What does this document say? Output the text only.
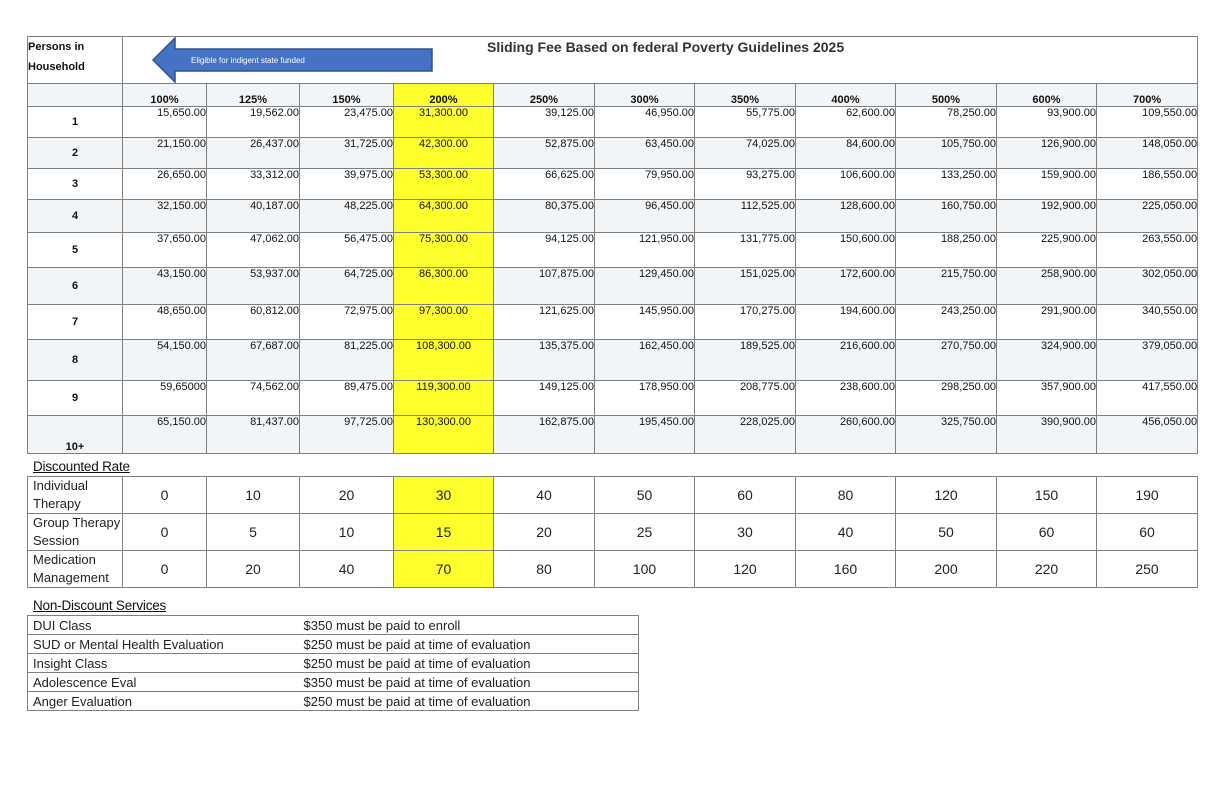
Persons in Household	Eligible for indigent state funded
Sliding Fee Based on federal Poverty Guidelines 2025										

	100%	125%	150%	200%	250%	300%	350%	400%	500%	600%	700%
1	15,650.00	19,562.00	23,475.00	31,300.00	39,125.00	46,950.00	55,775.00	62,600.00	78,250.00	93,900.00	109,550.00
2	21,150.00	26,437.00	31,725.00	42,300.00	52,875.00	63,450.00	74,025.00	84,600.00	105,750.00	126,900.00	148,050.00
3	26,650.00	33,312.00	39,975.00	53,300.00	66,625.00	79,950.00	93,275.00	106,600.00	133,250.00	159,900.00	186,550.00
4	32,150.00	40,187.00	48,225.00	64,300.00	80,375.00	96,450.00	112,525.00	128,600.00	160,750.00	192,900.00	225,050.00
5	37,650.00	47,062.00	56,475.00	75,300.00	94,125.00	121,950.00	131,775.00	150,600.00	188,250.00	225,900.00	263,550.00
6	43,150.00	53,937.00	64,725.00	86,300.00	107,875.00	129,450.00	151,025.00	172,600.00	215,750.00	258,900.00	302,050.00
7	48,650.00	60,812.00	72,975.00	97,300.00	121,625.00	145,950.00	170,275.00	194,600.00	243,250.00	291,900.00	340,550.00
8	54,150.00	67,687.00	81,225.00	108,300.00	135,375.00	162,450.00	189,525.00	216,600.00	270,750.00	324,900.00	379,050.00
9	59,65000	74,562.00	89,475.00	119,300.00	149,125.00	178,950.00	208,775.00	238,600.00	298,250.00	357,900.00	417,550.00
10+	65,150.00	81,437.00	97,725.00	130,300.00	162,875.00	195,450.00	228,025.00	260,600.00	325,750.00	390,900.00	456,050.00
Discounted Rate
Individual Therapy	0	10	20	30	40	50	60	80	120	150	190
Group Therapy Session	0	5	10	15	20	25	30	40	50	60	60
Medication Management	0	20	40	70	80	100	120	160	200	220	250
Non-Discount Services
DUI Class	$350 must be paid to enroll
SUD or Mental Health Evaluation	$250 must be paid at time of evaluation
Insight Class	$250 must be paid at time of evaluation
Adolescence Eval	$350 must be paid at time of evaluation
Anger Evaluation	$250 must be paid at time of evaluation
